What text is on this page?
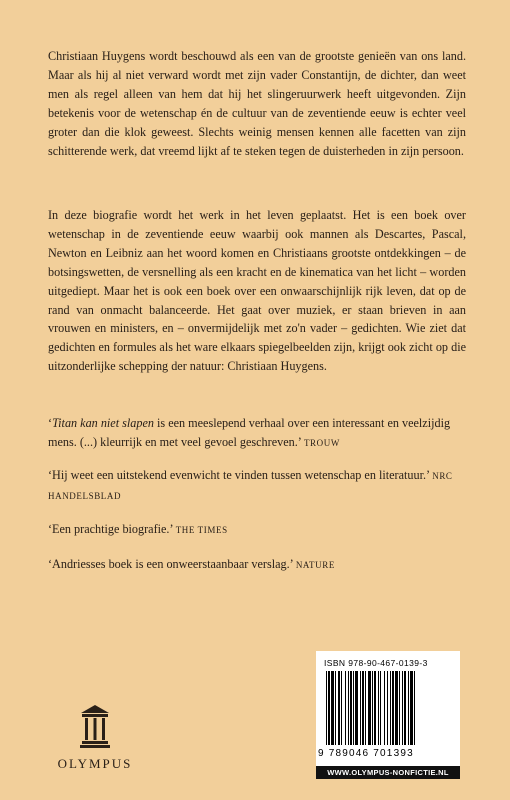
Christiaan Huygens wordt beschouwd als een van de grootste genieën van ons land. Maar als hij al niet verward wordt met zijn vader Constantijn, de dichter, dan weet men als regel alleen van hem dat hij het slingeruurwerk heeft uitgevonden. Zijn betekenis voor de wetenschap én de cultuur van de zeventiende eeuw is echter veel groter dan die klok geweest. Slechts weinig mensen kennen alle facetten van zijn schitterende werk, dat vreemd lijkt af te steken tegen de duisterheden in zijn persoon.

In deze biografie wordt het werk in het leven geplaatst. Het is een boek over wetenschap in de zeventiende eeuw waarbij ook mannen als Descartes, Pascal, Newton en Leibniz aan het woord komen en Christiaans grootste ontdekkingen – de botsingswetten, de versnelling als een kracht en de kinematica van het licht – worden uitgediept. Maar het is ook een boek over een onwaarschijnlijk rijk leven, dat op de rand van onmacht balanceerde. Het gaat over muziek, er staan brieven in aan vrouwen en ministers, en – onvermijdelijk met zo'n vader – gedichten. Wie ziet dat gedichten en formules als het ware elkaars spiegelbeelden zijn, krijgt ook zicht op die uitzonderlijke schepping der natuur: Christiaan Huygens.

‘Titan kan niet slapen is een meeslepend verhaal over een interessant en veelzijdig mens. (...) kleurrijk en met veel gevoel geschreven.’ TROUW

‘Hij weet een uitstekend evenwicht te vinden tussen wetenschap en literatuur.’ NRC HANDELSBLAD

‘Een prachtige biografie.’ THE TIMES

‘Andriesses boek is een onweerstaanbaar verslag.’ NATURE

OLYMPUS
ISBN 978-90-467-0139-3
9 789046 701393
WWW.OLYMPUS-NONFICTIE.NL
